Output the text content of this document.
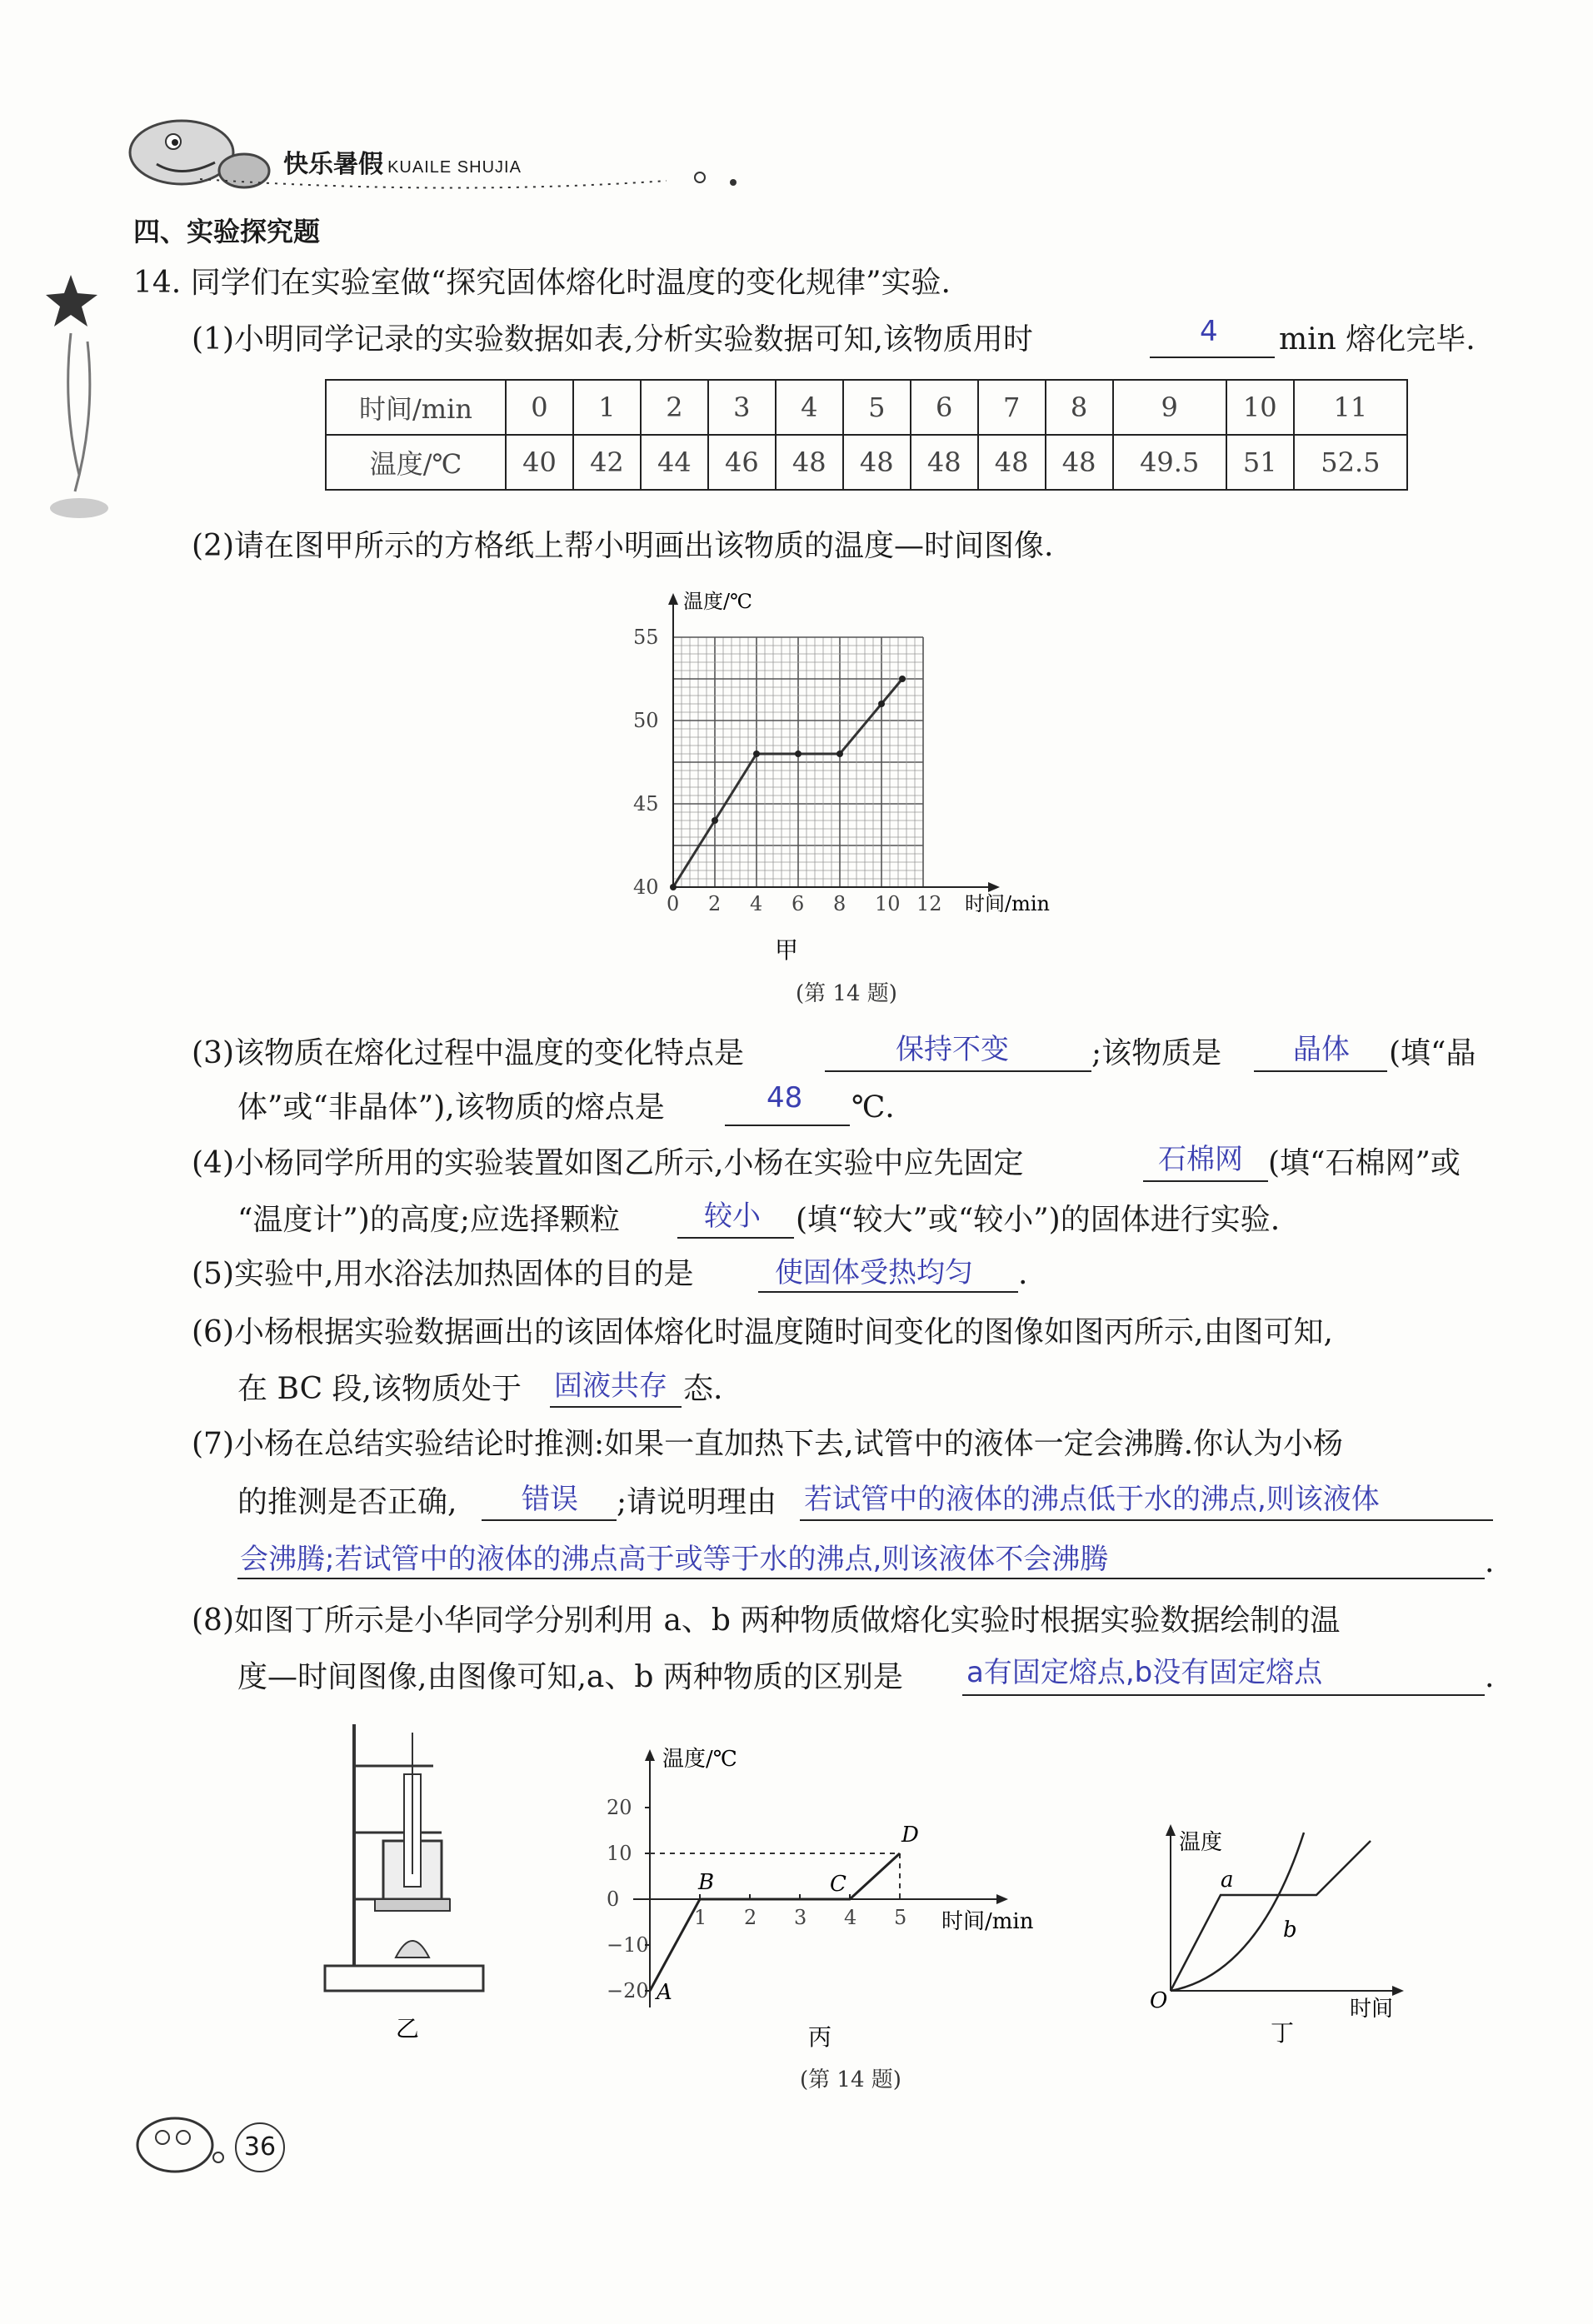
快乐暑假 KUAILE SHUJIA
四、实验探究题
14. 同学们在实验室做“探究固体熔化时温度的变化规律”实验.
(1)小明同学记录的实验数据如表,分析实验数据可知,该物质用时	4 min 熔化完毕.
时间/min	0	1	2	3	4	5	6	7	8	9	10	11
温度/℃	40	42	44	46	48	48	48	48	48	49.5	51	52.5
(2)请在图甲所示的方格纸上帮小明画出该物质的温度—时间图像.
温度/℃
时间/min
40
45
50
55
0 2 4 6 8 10 12
甲
(第 14 题)
(3)该物质在熔化过程中温度的变化特点是	保持不变	;该物质是	晶体 (填“晶
体”或“非晶体”),该物质的熔点是	48 ℃.
(4)小杨同学所用的实验装置如图乙所示,小杨在实验中应先固定	石棉网 (填“石棉网”或
“温度计”)的高度;应选择颗粒	较小 (填“较大”或“较小”)的固体进行实验.
(5)实验中,用水浴法加热固体的目的是	使固体受热均匀 .
(6)小杨根据实验数据画出的该固体熔化时温度随时间变化的图像如图丙所示,由图可知,
在 BC 段,该物质处于 固液共存 态.
(7)小杨在总结实验结论时推测:如果一直加热下去,试管中的液体一定会沸腾.你认为小杨
的推测是否正确, 错误 ;请说明理由 若试管中的液体的沸点低于水的沸点,则该液体
会沸腾;若试管中的液体的沸点高于或等于水的沸点,则该液体不会沸腾	.
(8)如图丁所示是小华同学分别利用 a、b 两种物质做熔化实验时根据实验数据绘制的温
度—时间图像,由图像可知,a、b 两种物质的区别是 a有固定熔点,b没有固定熔点	.
乙
温度/℃
时间/min
20
10
0
−10
−20
1 2 3 4 5
A
B	C
D
丙
(第 14 题)
温度
时间
O
a
b
丁
36
